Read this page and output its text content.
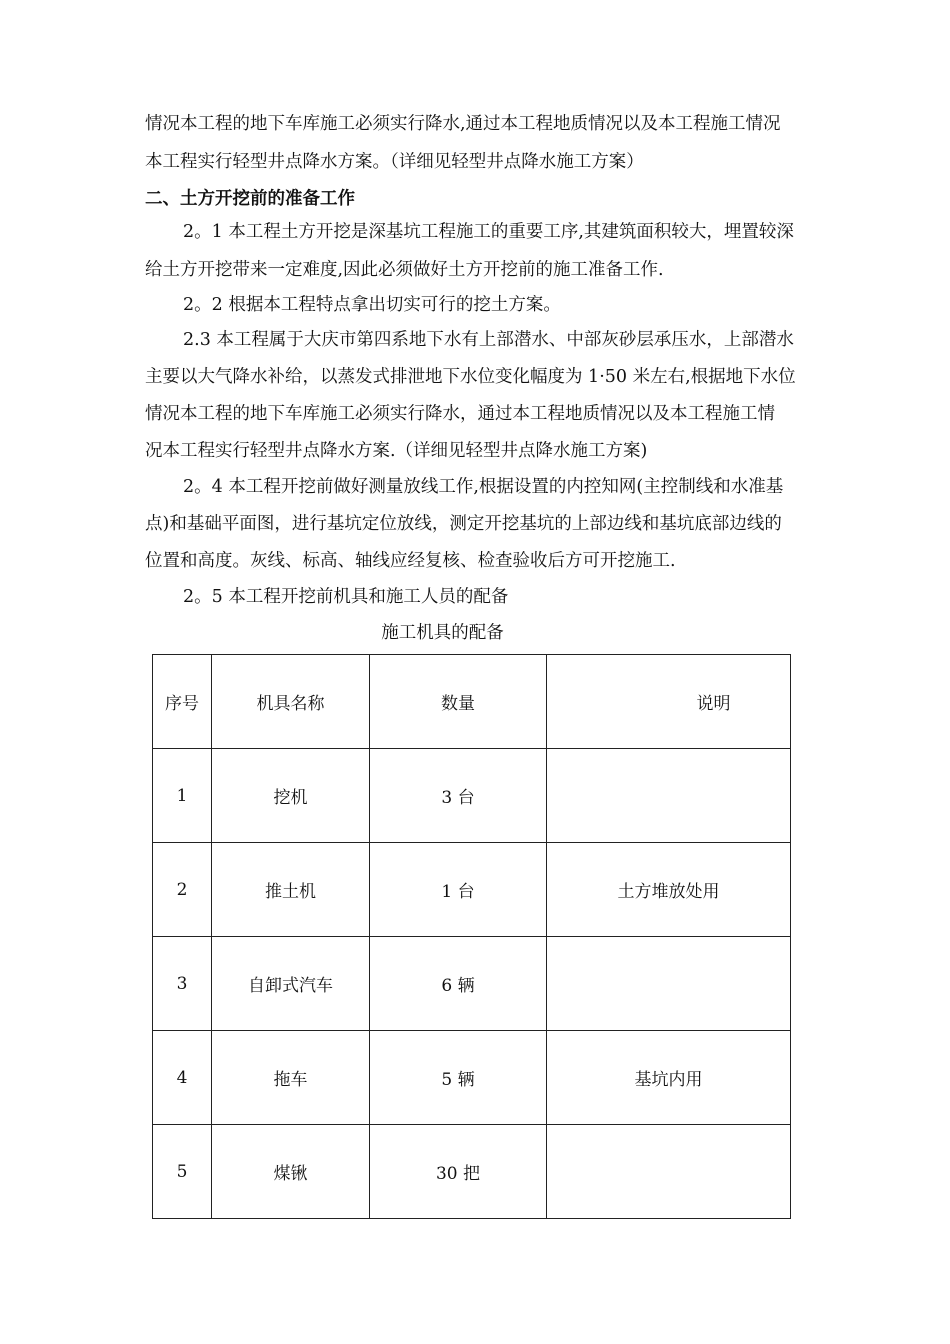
情况本工程的地下车库施工必须实行降水,通过本工程地质情况以及本工程施工情况
本工程实行轻型井点降水方案。（详细见轻型井点降水施工方案）
二、土方开挖前的准备工作
2。1 本工程土方开挖是深基坑工程施工的重要工序,其建筑面积较大，埋置较深
给土方开挖带来一定难度,因此必须做好土方开挖前的施工准备工作.
2。2 根据本工程特点拿出切实可行的挖土方案。
2.3 本工程属于大庆市第四系地下水有上部潜水、中部灰砂层承压水，上部潜水
主要以大气降水补给，以蒸发式排泄地下水位变化幅度为 1·50 米左右,根据地下水位
情况本工程的地下车库施工必须实行降水，通过本工程地质情况以及本工程施工情
况本工程实行轻型井点降水方案.（详细见轻型井点降水施工方案)
2。4 本工程开挖前做好测量放线工作,根据设置的内控知网(主控制线和水准基
点)和基础平面图，进行基坑定位放线，测定开挖基坑的上部边线和基坑底部边线的
位置和高度。灰线、标高、轴线应经复核、检查验收后方可开挖施工.
2。5 本工程开挖前机具和施工人员的配备
施工机具的配备
序号	机具名称	数量	说明
1	挖机	3 台	
2	推土机	1 台	土方堆放处用
3	自卸式汽车	6 辆	
4	拖车	5 辆	基坑内用
5	煤锹	30 把	
